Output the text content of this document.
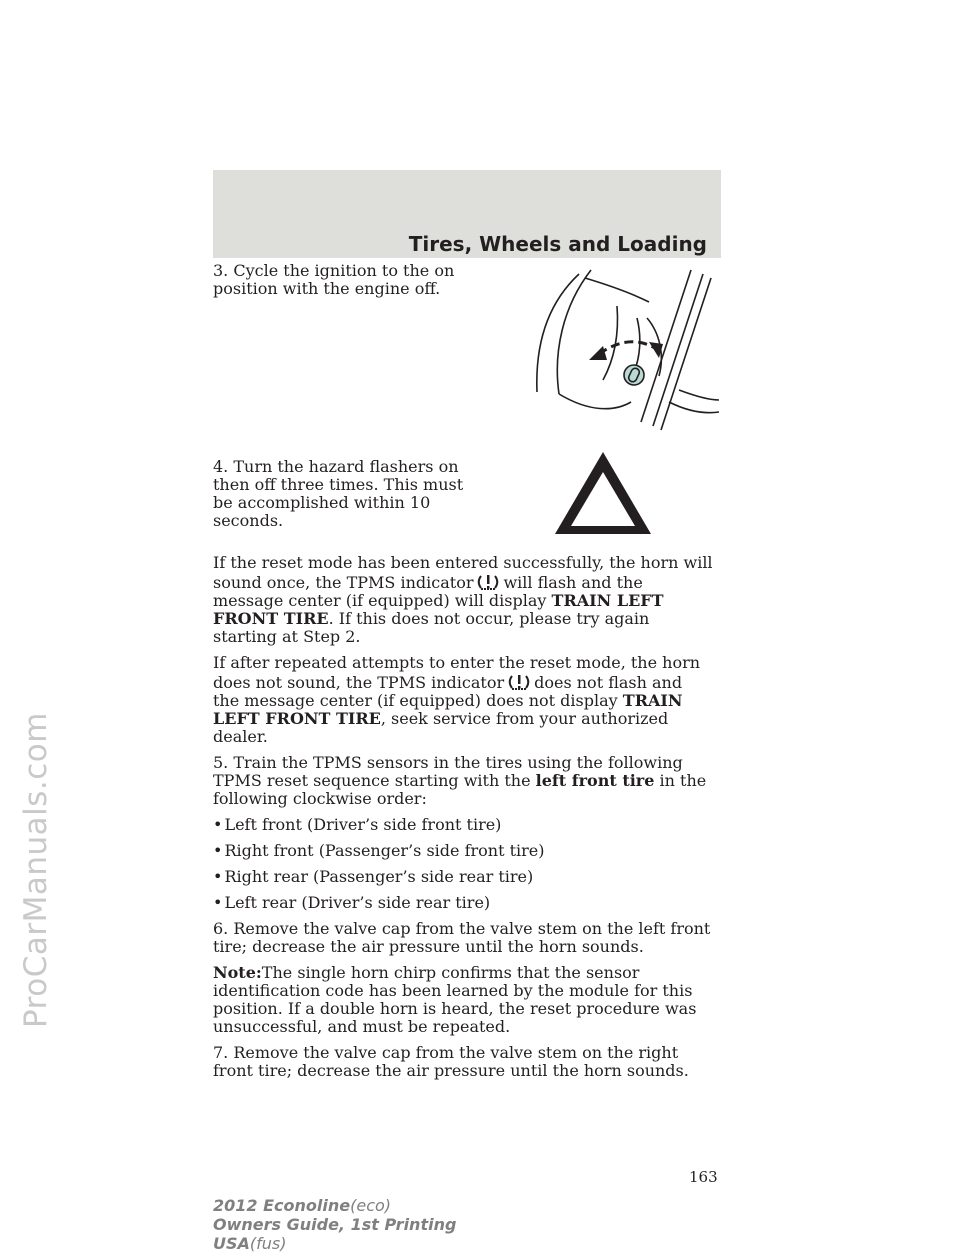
ProCarManuals.com
Tires, Wheels and Loading

3. Cycle the ignition to the on position with the engine off.

4. Turn the hazard flashers on then off three times. This must be accomplished within 10 seconds.

If the reset mode has been entered successfully, the horn will sound once, the TPMS indicator will flash and the message center (if equipped) will display TRAIN LEFT FRONT TIRE. If this does not occur, please try again starting at Step 2.

If after repeated attempts to enter the reset mode, the horn does not sound, the TPMS indicator does not flash and the message center (if equipped) does not display TRAIN LEFT FRONT TIRE, seek service from your authorized dealer.

5. Train the TPMS sensors in the tires using the following TPMS reset sequence starting with the left front tire in the following clockwise order:

• Left front (Driver’s side front tire)
• Right front (Passenger’s side front tire)
• Right rear (Passenger’s side rear tire)
• Left rear (Driver’s side rear tire)

6. Remove the valve cap from the valve stem on the left front tire; decrease the air pressure until the horn sounds.

Note:The single horn chirp confirms that the sensor identification code has been learned by the module for this position. If a double horn is heard, the reset procedure was unsuccessful, and must be repeated.

7. Remove the valve cap from the valve stem on the right front tire; decrease the air pressure until the horn sounds.

163
2012 Econoline(eco)
Owners Guide, 1st Printing
USA(fus)
